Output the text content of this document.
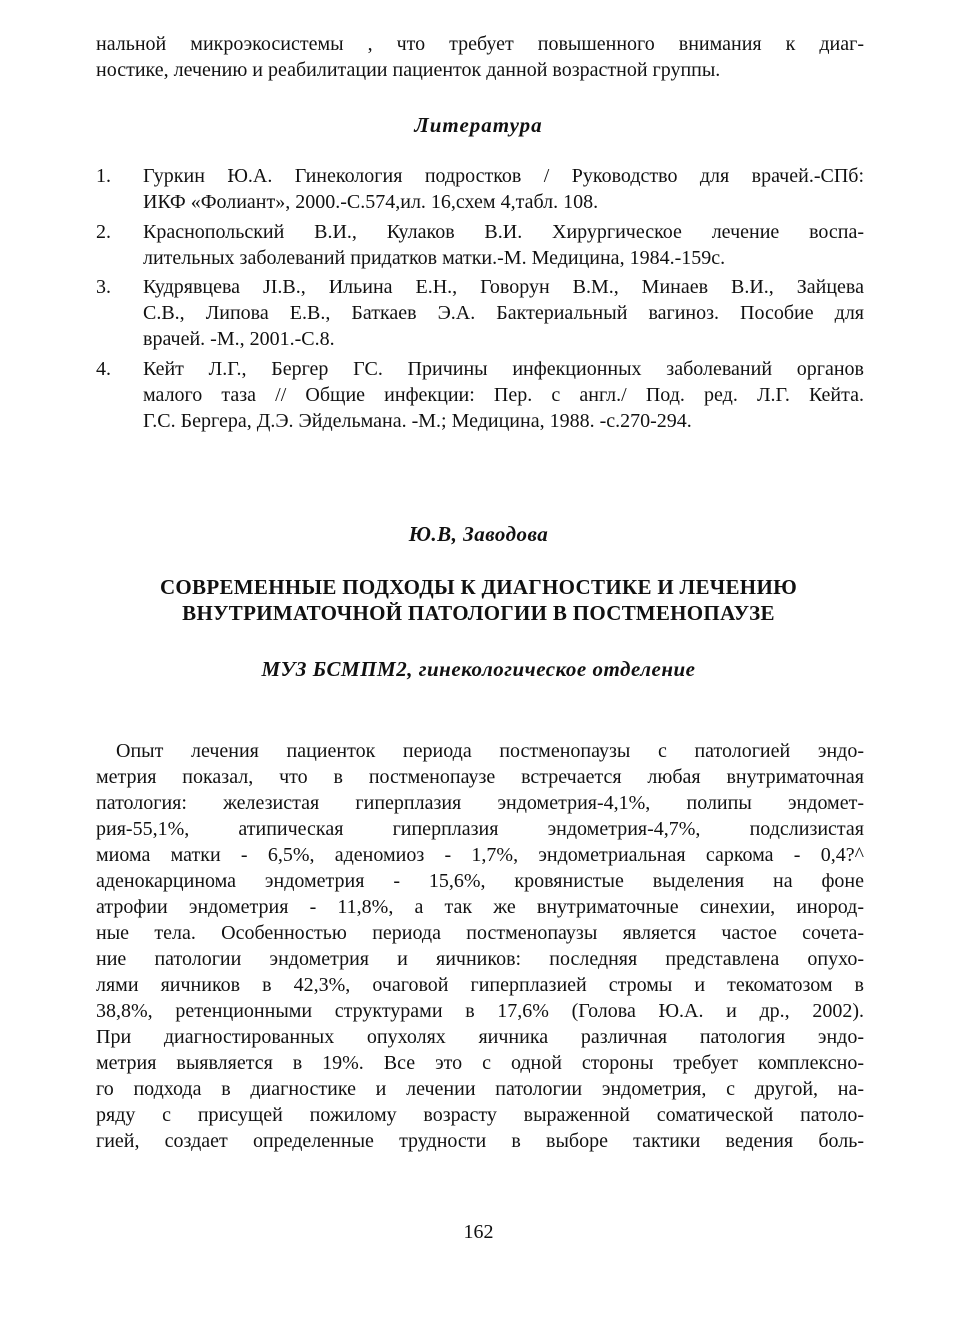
нальной микроэкосистемы , что требует повышенного внимания к диаг-
ностике, лечению и реабилитации пациенток данной возрастной группы.
Литература
1.	Гуркин Ю.А. Гинекология подростков / Руководство для врачей.-СПб:
ИКФ «Фолиант», 2000.-С.574,ил. 16,схем 4,табл. 108.
2.	Краснопольский В.И., Кулаков В.И. Хирургическое лечение воспа-
лительных заболеваний придатков матки.-М. Медицина, 1984.-159с.
3.	Кудрявцева JI.В., Ильина Е.Н., Говорун В.М., Минаев В.И., Зайцева
С.В., Липова Е.В., Баткаев Э.А. Бактериальный вагиноз. Пособие для
врачей. -М., 2001.-С.8.
4.	Кейт Л.Г., Бергер ГС. Причины инфекционных заболеваний органов
малого таза // Общие инфекции: Пер. с англ./ Под. ред. Л.Г. Кейта.
Г.С. Бергера, Д.Э. Эйдельмана. -М.; Медицина, 1988. -с.270-294.
Ю.В, Заводова
СОВРЕМЕННЫЕ ПОДХОДЫ К ДИАГНОСТИКЕ И ЛЕЧЕНИЮ
ВНУТРИМАТОЧНОЙ ПАТОЛОГИИ В ПОСТМЕНОПАУЗЕ
МУЗ БСМПМ2, гинекологическое отделение
Опыт лечения пациенток периода постменопаузы с патологией эндо-
метрия показал, что в постменопаузе встречается любая внутриматочная
патология: железистая гиперплазия эндометрия-4,1%, полипы эндомет-
рия-55,1%, атипическая гиперплазия эндометрия-4,7%, подслизистая
миома матки - 6,5%, аденомиоз - 1,7%, эндометриальная саркома - 0,4?^
аденокарцинома эндометрия - 15,6%, кровянистые выделения на фоне
атрофии эндометрия - 11,8%, а так же внутриматочные синехии, инород-
ные тела. Особенностью периода постменопаузы является частое сочета-
ние патологии эндометрия и яичников: последняя представлена опухо-
лями яичников в 42,3%, очаговой гиперплазией стромы и текоматозом в
38,8%, ретенционными структурами в 17,6% (Голова Ю.А. и др., 2002).
При диагностированных опухолях яичника различная патология эндо-
метрия выявляется в 19%. Все это с одной стороны требует комплексно-
го подхода в диагностике и лечении патологии эндометрия, с другой, на-
ряду с присущей пожилому возрасту выраженной соматической патоло-
гией, создает определенные трудности в выборе тактики ведения боль-
162
